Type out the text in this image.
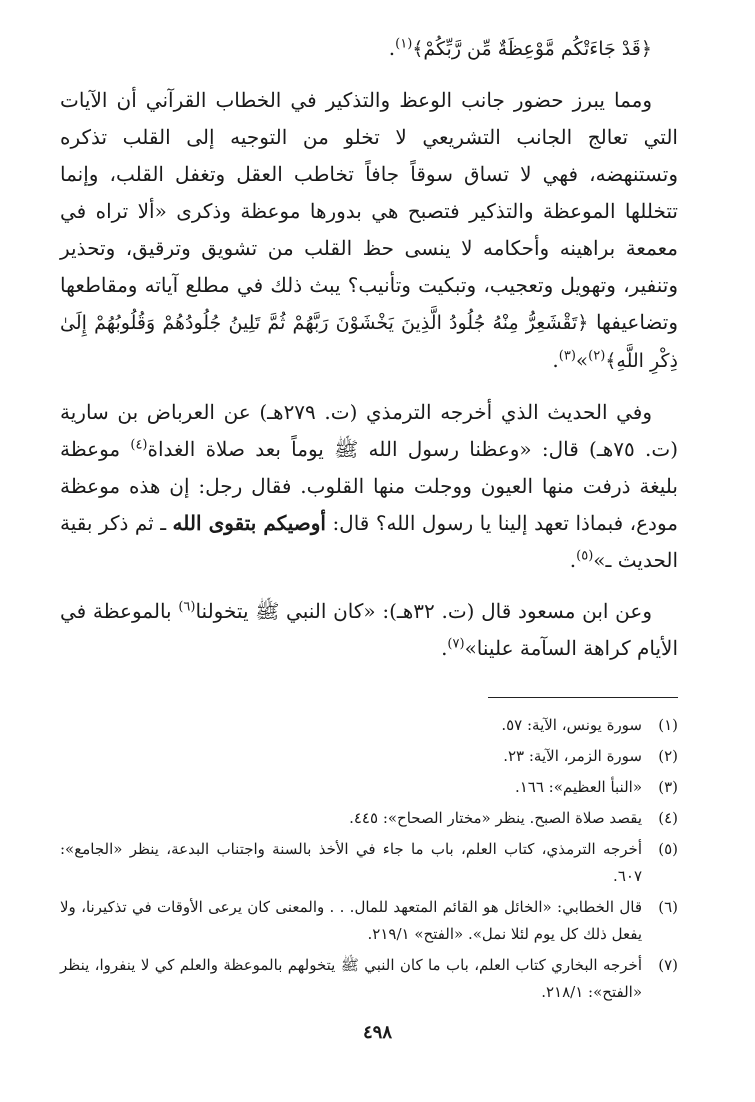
﴿قَدْ جَاءَتْكُم مَّوْعِظَةٌ مِّن رَّبِّكُمْ﴾$^{(١)}$.

ومما يبرز حضور جانب الوعظ والتذكير في الخطاب القرآني أن الآيات التي تعالج الجانب التشريعي لا تخلو من التوجيه إلى القلب تذكره وتستنهضه، فهي لا تساق سوقاً جافاً تخاطب العقل وتغفل القلب، وإنما تتخللها الموعظة والتذكير فتصبح هي بدورها موعظة وذكرى «ألا تراه في معمعة براهينه وأحكامه لا ينسى حظ القلب من تشويق وترقيق، وتحذير وتنفير، وتهويل وتعجيب، وتبكيت وتأنيب؟ يبث ذلك في مطلع آياته ومقاطعها وتضاعيفها ﴿تَقْشَعِرُّ مِنْهُ جُلُودُ الَّذِينَ يَخْشَوْنَ رَبَّهُمْ ثُمَّ تَلِينُ جُلُودُهُمْ وَقُلُوبُهُمْ إِلَىٰ ذِكْرِ اللَّهِ﴾$^{(٢)}$»$^{(٣)}$.

وفي الحديث الذي أخرجه الترمذي (ت. ٢٧٩هـ) عن العرباض بن سارية (ت. ٧٥هـ) قال: «وعظنا رسول الله ﷺ يوماً بعد صلاة الغداة$^{(٤)}$ موعظة بليغة ذرفت منها العيون ووجلت منها القلوب. فقال رجل: إن هذه موعظة مودع، فبماذا تعهد إلينا يا رسول الله؟ قال: أوصيكم بتقوى الله ـ ثم ذكر بقية الحديث ـ»$^{(٥)}$.

وعن ابن مسعود قال (ت. ٣٢هـ): «كان النبي ﷺ يتخولنا$^{(٦)}$ بالموعظة في الأيام كراهة السآمة علينا»$^{(٧)}$.

(١)
سورة يونس، الآية: ٥٧.
(٢)
سورة الزمر، الآية: ٢٣.
(٣)
«النبأ العظيم»: ١٦٦.
(٤)
يقصد صلاة الصبح. ينظر «مختار الصحاح»: ٤٤٥.
(٥)
أخرجه الترمذي، كتاب العلم، باب ما جاء في الأخذ بالسنة واجتناب البدعة، ينظر «الجامع»: ٦٠٧.
(٦)
قال الخطابي: «الخائل هو القائم المتعهد للمال. . . والمعنى كان يرعى الأوقات في تذكيرنا، ولا يفعل ذلك كل يوم لئلا نمل». «الفتح» ٢١٩/١.
(٧)
أخرجه البخاري كتاب العلم، باب ما كان النبي ﷺ يتخولهم بالموعظة والعلم كي لا ينفروا، ينظر «الفتح»: ٢١٨/١.
٤٩٨
